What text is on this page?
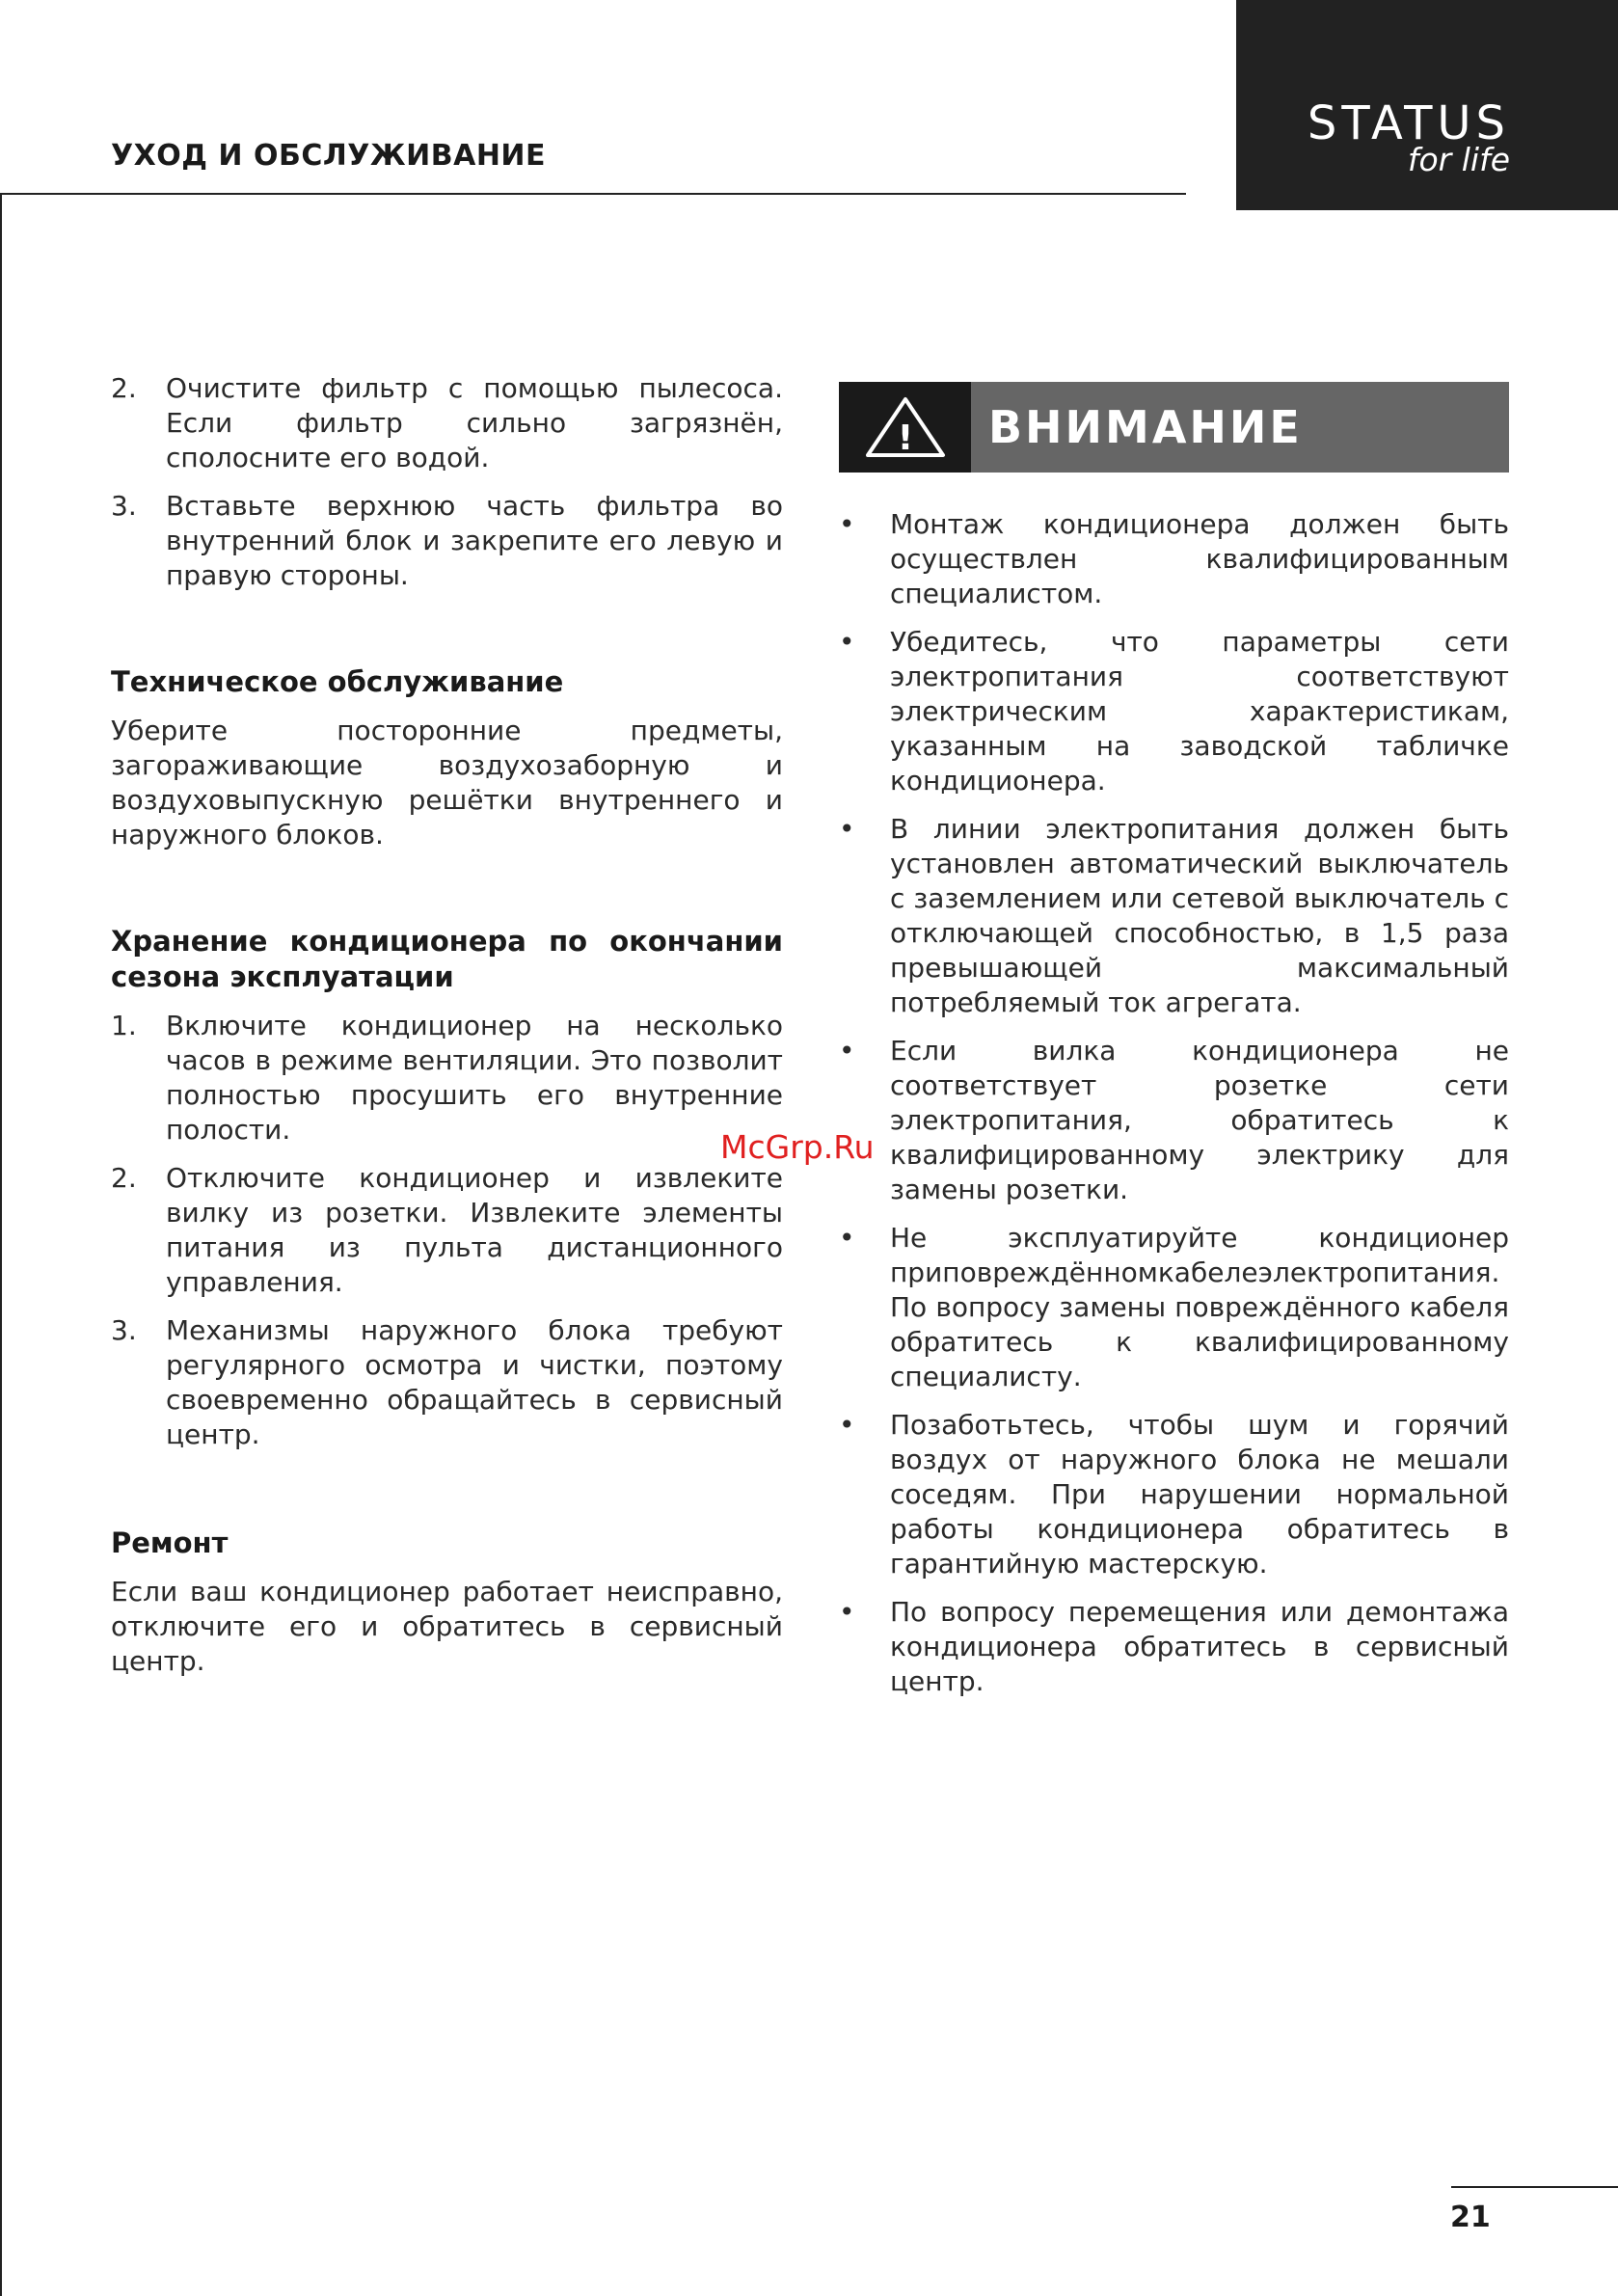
УХОД И ОБСЛУЖИВАНИЕ
STATUS
for life
2. Очистите фильтр с помощью пылесоса. Если фильтр сильно загрязнён, сполоснитe его водой.
3. Вставьте верхнюю часть фильтра во внутренний блок и закрепите его левую и правую стороны.
Техническое обслуживание
Уберите посторонние предметы, загораживающие воздухозаборную и воздуховыпускную решётки внутреннего и наружного блоков.
Хранение кондиционера по окончании сезона эксплуатации
1. Включите кондиционер на несколько часов в режиме вентиляции. Это позволит полностью просушить его внутренние полости.
2. Отключите кондиционер и извлеките вилку из розетки. Извлеките элементы питания из пульта дистанционного управления.
3. Механизмы наружного блока требуют регулярного осмотра и чистки, поэтому своевременно обращайтесь в сервисный центр.
Ремонт
Если ваш кондиционер работает неисправно, отключите его и обратитесь в сервисный центр.
! ВНИМАНИЕ
• Монтаж кондиционера должен быть осуществлен квалифицированным специалистом.
• Убедитесь, что параметры сети электропитания соответствуют электрическим характеристикам, указанным на заводской табличке кондиционера.
• В линии электропитания должен быть установлен автоматический выключатель с заземлением или сетевой выключатель с отключающей способностью, в 1,5 раза превышающей максимальный потребляемый ток агрегата.
• Если вилка кондиционера не соответствует розетке сети электропитания, обратитесь к квалифицированному электрику для замены розетки.
• Не эксплуатируйте кондиционер приповреждённомкабелеэлектропитания. По вопросу замены повреждённого кабеля обратитесь к квалифицированному специалисту.
• Позаботьтесь, чтобы шум и горячий воздух от наружного блока не мешали соседям. При нарушении нормальной работы кондиционера обратитесь в гарантийную мастерскую.
• По вопросу перемещения или демонтажа кондиционера обратитесь в сервисный центр.
McGrp.Ru
21
